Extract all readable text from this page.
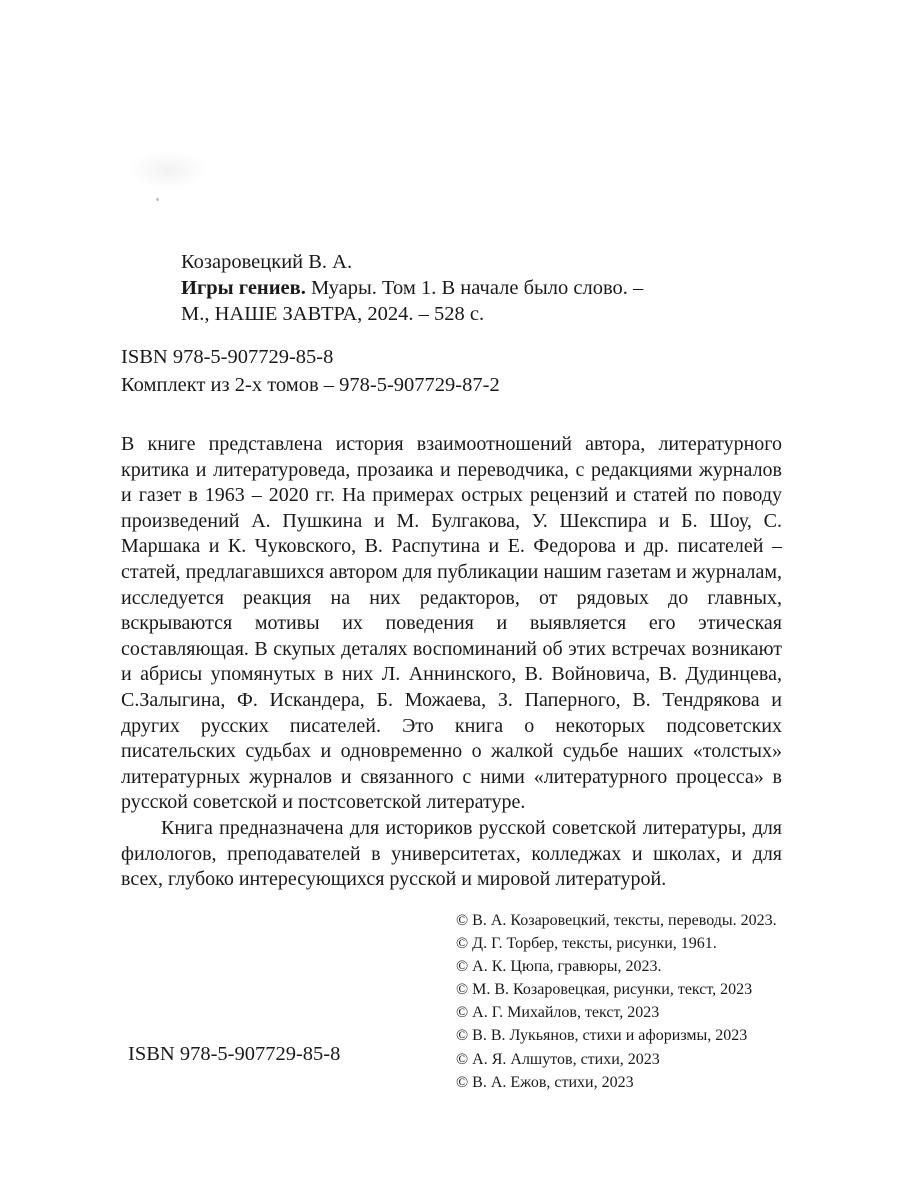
Козаровецкий В. А.
Игры гениев. Муары. Том 1. В начале было слово. –
М., НАШЕ ЗАВТРА, 2024. – 528 с.
ISBN 978-5-907729-85-8
Комплект из 2-х томов – 978-5-907729-87-2

В книге представлена история взаимоотношений автора, литературного критика и литературоведа, прозаика и переводчика, с редакциями журналов и газет в 1963 – 2020 гг. На примерах острых рецензий и статей по поводу произведений А. Пушкина и М. Булгакова, У. Шекспира и Б. Шоу, С. Маршака и К. Чуковского, В. Распутина и Е. Федорова и др. писателей – статей, предлагавшихся автором для публикации нашим газетам и журналам, исследуется реакция на них редакторов, от рядовых до главных, вскрываются мотивы их поведения и выявляется его этическая составляющая. В скупых деталях воспоминаний об этих встречах возникают и абрисы упомянутых в них Л. Аннинского, В. Войновича, В. Дудинцева, С.Залыгина, Ф. Искандера, Б. Можаева, З. Паперного, В. Тендрякова и других русских писателей. Это книга о некоторых подсоветских писательских судьбах и одновременно о жалкой судьбе наших «толстых» литературных журналов и связанного с ними «литературного процесса» в русской советской и постсоветской литературе.

Книга предназначена для историков русской советской литературы, для филологов, преподавателей в университетах, колледжах и школах, и для всех, глубоко интересующихся русской и мировой литературой.

© В. А. Козаровецкий, тексты, переводы. 2023.
© Д. Г. Торбер, тексты, рисунки, 1961.
© А. К. Цюпа, гравюры, 2023.
© М. В. Козаровецкая, рисунки, текст, 2023
© А. Г. Михайлов, текст, 2023
© В. В. Лукьянов, стихи и афоризмы, 2023
© А. Я. Алшутов, стихи, 2023
© В. А. Ежов, стихи, 2023
ISBN 978-5-907729-85-8
